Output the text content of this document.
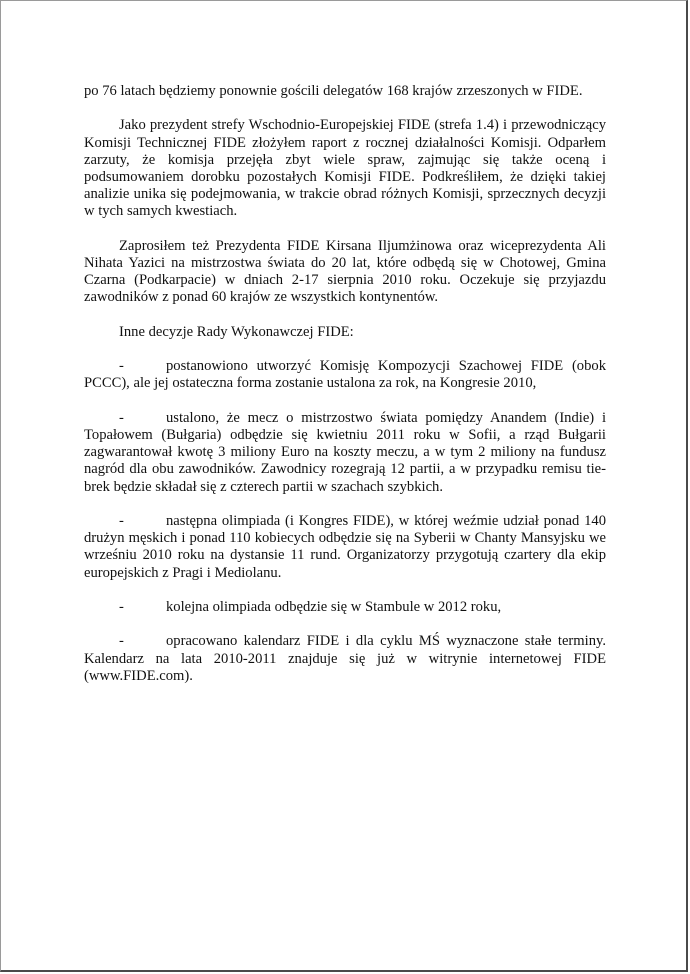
po 76 latach będziemy ponownie gościli delegatów 168 krajów zrzeszonych w FIDE.

Jako prezydent strefy Wschodnio-Europejskiej FIDE (strefa 1.4) i przewodniczący Komisji Technicznej FIDE złożyłem raport z rocznej działalności Komisji. Odparłem zarzuty, że komisja przejęła zbyt wiele spraw, zajmując się także oceną i podsumowaniem dorobku pozostałych Komisji FIDE. Podkreśliłem, że dzięki takiej analizie unika się podejmowania, w trakcie obrad różnych Komisji, sprzecznych decyzji w tych samych kwestiach.

Zaprosiłem też Prezydenta FIDE Kirsana Iljumżinowa oraz wiceprezydenta Ali Nihata Yazici na mistrzostwa świata do 20 lat, które odbędą się w Chotowej, Gmina Czarna (Podkarpacie) w dniach 2-17 sierpnia 2010 roku. Oczekuje się przyjazdu zawodników z ponad 60 krajów ze wszystkich kontynentów.

Inne decyzje Rady Wykonawczej FIDE:

-	postanowiono utworzyć Komisję Kompozycji Szachowej FIDE (obok PCCC), ale jej ostateczna forma zostanie ustalona za rok, na Kongresie 2010,

-	ustalono, że mecz o mistrzostwo świata pomiędzy Anandem (Indie) i Topałowem (Bułgaria) odbędzie się kwietniu 2011 roku w Sofii, a rząd Bułgarii zagwarantował kwotę 3 miliony Euro na koszty meczu, a w tym 2 miliony na fundusz nagród dla obu zawodników. Zawodnicy rozegrają 12 partii, a w przypadku remisu tie-brek będzie składał się z czterech partii w szachach szybkich.

-	następna olimpiada (i Kongres FIDE), w której weźmie udział ponad 140 drużyn męskich i ponad 110 kobiecych odbędzie się na Syberii w Chanty Mansyjsku we wrześniu 2010 roku na dystansie 11 rund. Organizatorzy przygotują czartery dla ekip europejskich z Pragi i Mediolanu.

-	kolejna olimpiada odbędzie się w Stambule w 2012 roku,

-	opracowano kalendarz FIDE i dla cyklu MŚ wyznaczone stałe terminy. Kalendarz na lata 2010-2011 znajduje się już w witrynie internetowej FIDE (www.FIDE.com).
